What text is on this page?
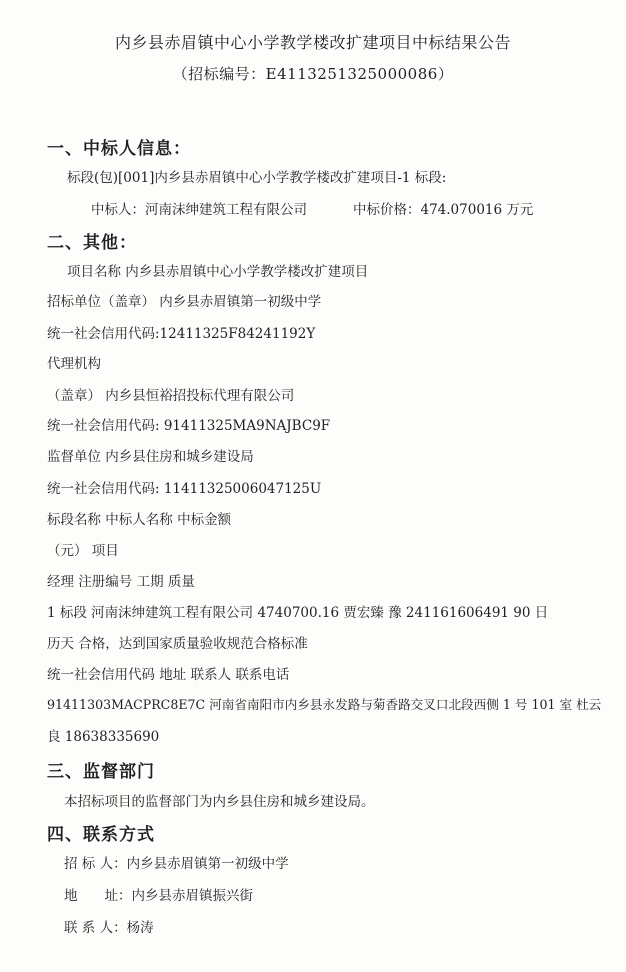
内乡县赤眉镇中心小学教学楼改扩建项目中标结果公告
（招标编号：E4113251325000086）
一、中标人信息：
标段(包)[001]内乡县赤眉镇中心小学教学楼改扩建项目-1 标段:
中标人：河南沫绅建筑工程有限公司	中标价格：474.070016 万元
二、其他：
项目名称 内乡县赤眉镇中心小学教学楼改扩建项目
招标单位（盖章） 内乡县赤眉镇第一初级中学
统一社会信用代码:12411325F84241192Y
代理机构
（盖章） 内乡县恒裕招投标代理有限公司
统一社会信用代码: 91411325MA9NAJBC9F
监督单位 内乡县住房和城乡建设局
统一社会信用代码: 11411325006047125U
标段名称 中标人名称 中标金额
（元） 项目
经理 注册编号 工期 质量
1 标段 河南沫绅建筑工程有限公司 4740700.16 贾宏臻 豫 241161606491 90 日
历天 合格，达到国家质量验收规范合格标准
统一社会信用代码 地址 联系人 联系电话
91411303MACPRC8E7C 河南省南阳市内乡县永发路与菊香路交叉口北段西侧 1 号 101 室 杜云
良 18638335690
三、监督部门
本招标项目的监督部门为内乡县住房和城乡建设局。
四、联系方式
招 标 人：内乡县赤眉镇第一初级中学
地　　址：内乡县赤眉镇振兴街
联 系 人：杨涛
